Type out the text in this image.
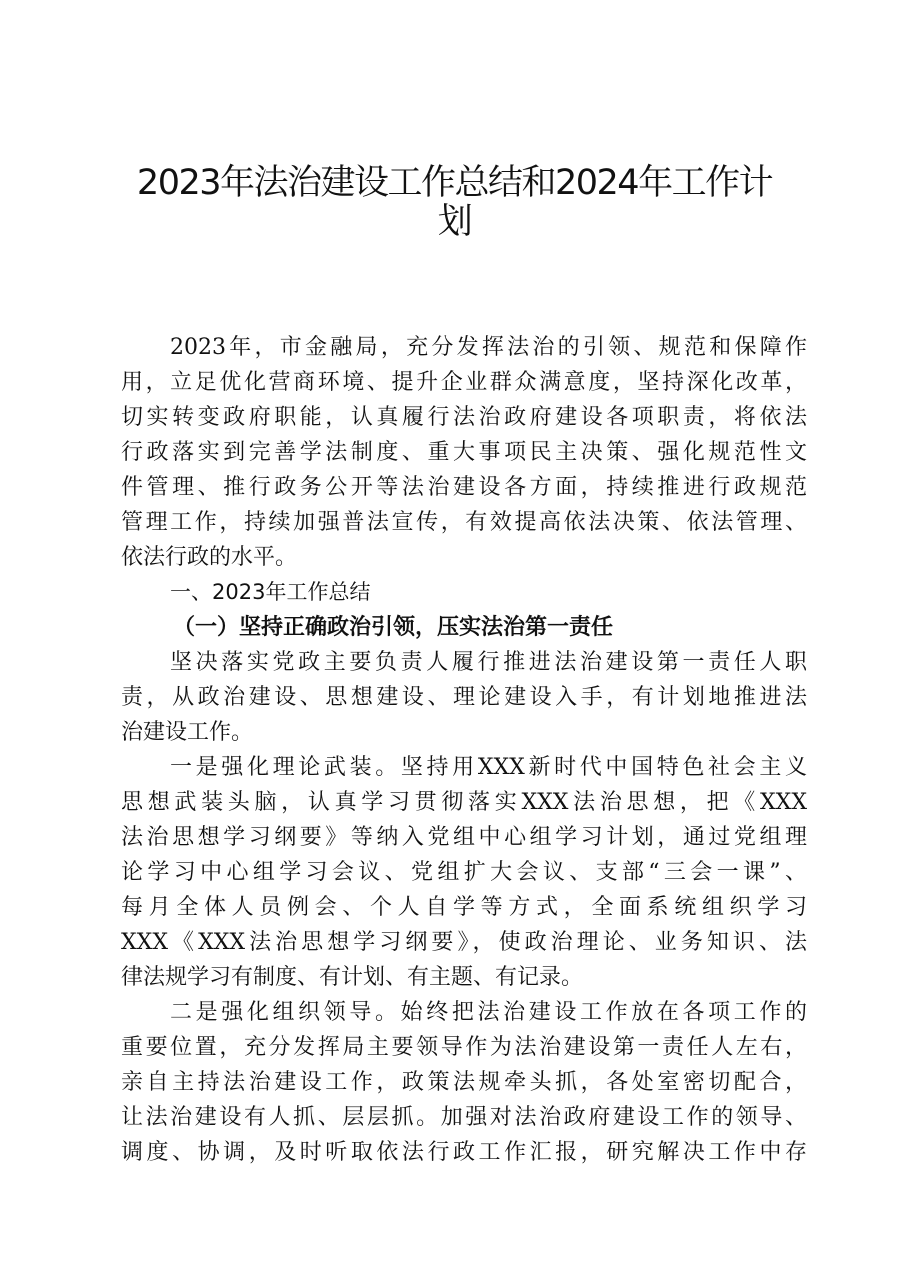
2023年法治建设工作总结和2024年工作计
划
2023年，市金融局，充分发挥法治的引领、规范和保障作
用，立足优化营商环境、提升企业群众满意度，坚持深化改革，
切实转变政府职能，认真履行法治政府建设各项职责，将依法
行政落实到完善学法制度、重大事项民主决策、强化规范性文
件管理、推行政务公开等法治建设各方面，持续推进行政规范
管理工作，持续加强普法宣传，有效提高依法决策、依法管理、
依法行政的水平。
一、2023年工作总结
（一）坚持正确政治引领，压实法治第一责任
坚决落实党政主要负责人履行推进法治建设第一责任人职
责，从政治建设、思想建设、理论建设入手，有计划地推进法
治建设工作。
一是强化理论武装。坚持用XXX新时代中国特色社会主义
思想武装头脑，认真学习贯彻落实XXX法治思想，把《XXX
法治思想学习纲要》等纳入党组中心组学习计划，通过党组理
论学习中心组学习会议、党组扩大会议、支部“三会一课”、
每月全体人员例会、个人自学等方式，全面系统组织学习
XXX《XXX法治思想学习纲要》，使政治理论、业务知识、法
律法规学习有制度、有计划、有主题、有记录。
二是强化组织领导。始终把法治建设工作放在各项工作的
重要位置，充分发挥局主要领导作为法治建设第一责任人左右，
亲自主持法治建设工作，政策法规牵头抓，各处室密切配合，
让法治建设有人抓、层层抓。加强对法治政府建设工作的领导、
调度、协调，及时听取依法行政工作汇报，研究解决工作中存
